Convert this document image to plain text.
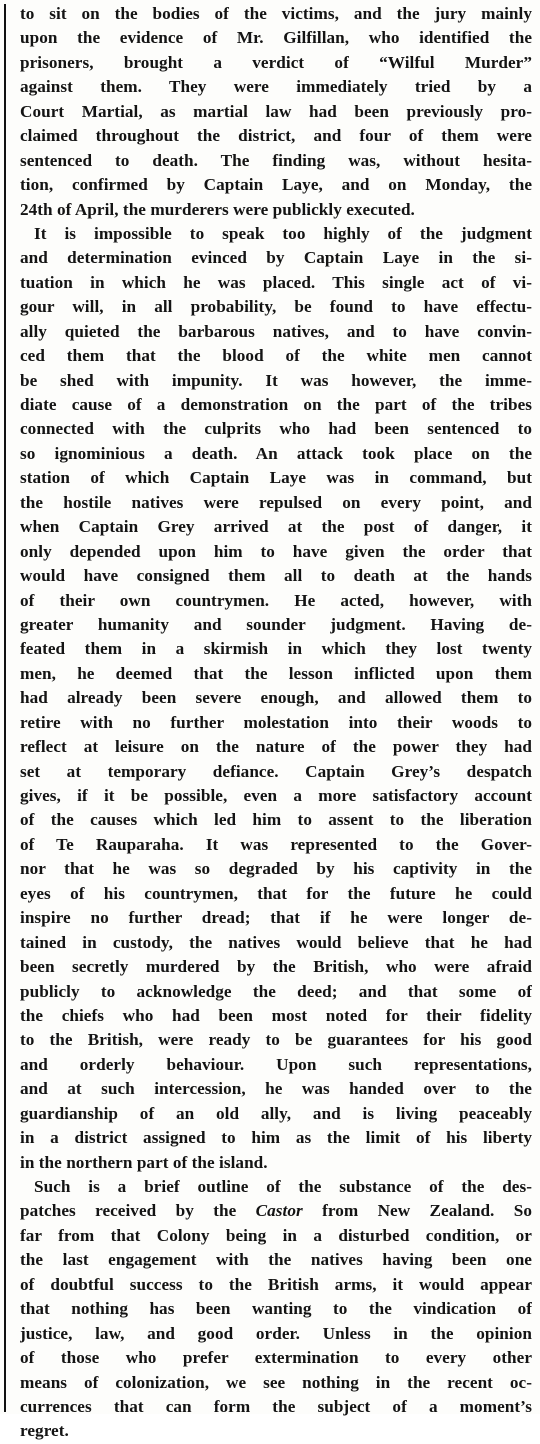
to sit on the bodies of the victims, and the jury mainly
upon the evidence of Mr. Gilfillan, who identified the
prisoners, brought a verdict of “Wilful Murder”
against them. They were immediately tried by a
Court Martial, as martial law had been previously pro-
claimed throughout the district, and four of them were
sentenced to death. The finding was, without hesita-
tion, confirmed by Captain Laye, and on Monday, the
24th of April, the murderers were publickly executed.

It is impossible to speak too highly of the judgment
and determination evinced by Captain Laye in the si-
tuation in which he was placed. This single act of vi-
gour will, in all probability, be found to have effectu-
ally quieted the barbarous natives, and to have convin-
ced them that the blood of the white men cannot
be shed with impunity. It was however, the imme-
diate cause of a demonstration on the part of the tribes
connected with the culprits who had been sentenced to
so ignominious a death. An attack took place on the
station of which Captain Laye was in command, but
the hostile natives were repulsed on every point, and
when Captain Grey arrived at the post of danger, it
only depended upon him to have given the order that
would have consigned them all to death at the hands
of their own countrymen. He acted, however, with
greater humanity and sounder judgment. Having de-
feated them in a skirmish in which they lost twenty
men, he deemed that the lesson inflicted upon them
had already been severe enough, and allowed them to
retire with no further molestation into their woods to
reflect at leisure on the nature of the power they had
set at temporary defiance. Captain Grey’s despatch
gives, if it be possible, even a more satisfactory account
of the causes which led him to assent to the liberation
of Te Rauparaha. It was represented to the Gover-
nor that he was so degraded by his captivity in the
eyes of his countrymen, that for the future he could
inspire no further dread; that if he were longer de-
tained in custody, the natives would believe that he had
been secretly murdered by the British, who were afraid
publicly to acknowledge the deed; and that some of
the chiefs who had been most noted for their fidelity
to the British, were ready to be guarantees for his good
and orderly behaviour. Upon such representations,
and at such intercession, he was handed over to the
guardianship of an old ally, and is living peaceably
in a district assigned to him as the limit of his liberty
in the northern part of the island.

Such is a brief outline of the substance of the des-
patches received by the Castor from New Zealand. So
far from that Colony being in a disturbed condition, or
the last engagement with the natives having been one
of doubtful success to the British arms, it would appear
that nothing has been wanting to the vindication of
justice, law, and good order. Unless in the opinion
of those who prefer extermination to every other
means of colonization, we see nothing in the recent oc-
currences that can form the subject of a moment’s
regret.
